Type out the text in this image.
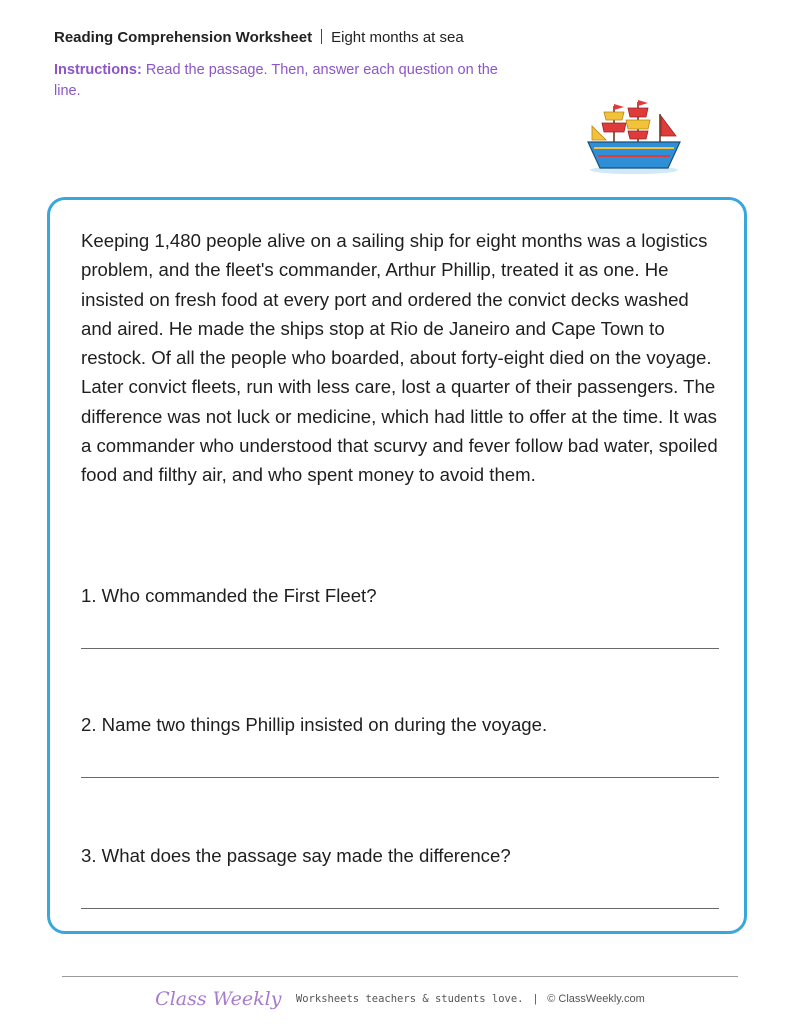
Reading Comprehension Worksheet Eight months at sea
Instructions: Read the passage. Then, answer each question on the line.
Keeping 1,480 people alive on a sailing ship for eight months was a logistics problem, and the fleet's commander, Arthur Phillip, treated it as one. He insisted on fresh food at every port and ordered the convict decks washed and aired. He made the ships stop at Rio de Janeiro and Cape Town to restock. Of all the people who boarded, about forty-eight died on the voyage. Later convict fleets, run with less care, lost a quarter of their passengers. The difference was not luck or medicine, which had little to offer at the time. It was a commander who understood that scurvy and fever follow bad water, spoiled food and filthy air, and who spent money to avoid them.
1. Who commanded the First Fleet?
2. Name two things Phillip insisted on during the voyage.
3. What does the passage say made the difference?
Class Weekly Worksheets teachers & students love. | © ClassWeekly.com
